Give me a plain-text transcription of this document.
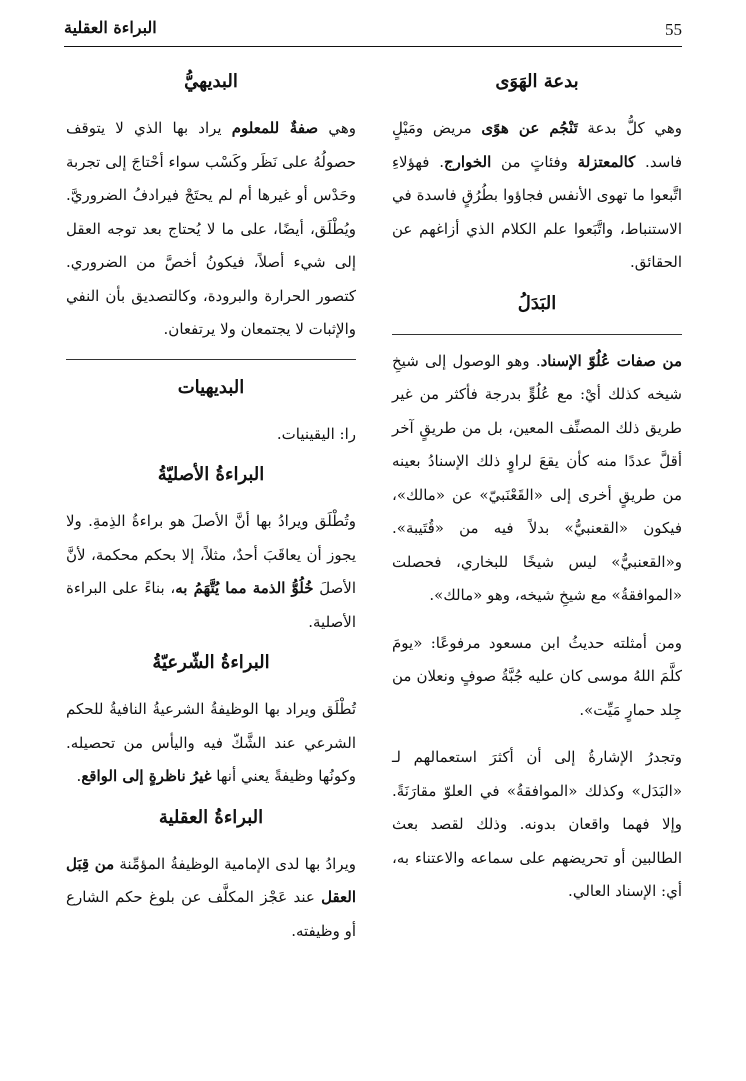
البراءة العقلية	55
بدعة الهَوَى

وهي كلُّ بدعة تَنْجُم عن هوًى مريض ومَيْلٍ فاسد. كالمعتزلة وفئاتٍ من الخوارج. فهؤلاءِ اتَّبعوا ما تهوى الأنفس فجاؤوا بطُرُقٍ فاسدة في الاستنباط، واتَّبَعوا علم الكلام الذي أزاغهم عن الحقائق.

البَدَلُ

من صفات عُلُوّ الإسناد. وهو الوصول إلى شيخِ شيخه كذلك أيْ: مع عُلُوٍّ بدرجة فأكثر من غير طريق ذلك المصنِّف المعين، بل من طريقٍ آخر أقلَّ عددًا منه كأن يقعَ لراوٍ ذلك الإسنادُ بعينه من طريقٍ أخرى إلى «القَعْنَبيّ» عن «مالك»، فيكون «القعنبيُّ» بدلاً فيه من «قُتَيبة». و«القعنبيُّ» ليس شيخًا للبخاري، فحصلت «الموافقةُ» مع شيخِ شيخه، وهو «مالك».

ومن أمثلته حديثُ ابن مسعود مرفوعًا: «يومَ كلَّمَ اللهُ موسى كان عليه جُبَّةُ صوفٍ ونعلان من جِلد حمارٍ مَيِّت».

وتجدرُ الإشارةُ إلى أن أكثرَ استعمالهم لـ «البَدَل» وكذلك «الموافقةُ» في العلوّ مقارَنَةً. وإلا فهما واقعان بدونه. وذلك لقصد بعث الطالبين أو تحريضهم على سماعه والاعتناء به، أي: الإسناد العالي.

البديهيُّ

وهي صفةٌ للمعلوم يراد بها الذي لا يتوقف حصولُهُ على نَظَر وكَسْب سواء أحْتاجَ إلى تجربة وحَدْس أو غيرها أم لم يحتَجْ فيرادفُ الضروريَّ. ويُطْلَق، أيضًا، على ما لا يُحتاج بعد توجه العقل إلى شيء أصلاً، فيكونُ أخصَّ من الضروري. كتصور الحرارة والبرودة، وكالتصديق بأن النفي والإثبات لا يجتمعان ولا يرتفعان.

البديهيات

را: اليقينيات.

البراءةُ الأصليّةُ

وتُطْلَق ويرادُ بها أنَّ الأصلَ هو براءةُ الذِمةِ. ولا يجوز أن يعاقَبَ أحدٌ، مثلاً، إلا بحكم محكمة، لأنَّ الأصلَ خُلُوُّ الذمة مما يُتَّهَمُ به، بناءً على البراءة الأصلية.

البراءةُ الشّرعيّةُ

تُطْلَق ويراد بها الوظيفةُ الشرعيةُ النافيةُ للحكم الشرعي عند الشَّكّ فيه واليأس من تحصيله. وكونُها وظيفةً يعني أنها غيرُ ناظرةٍ إلى الواقع.

البراءةُ العقلية

ويرادُ بها لدى الإمامية الوظيفةُ المؤمِّنة من قِبَل العقل عند عَجْز المكلَّف عن بلوغ حكم الشارع أو وظيفته.
